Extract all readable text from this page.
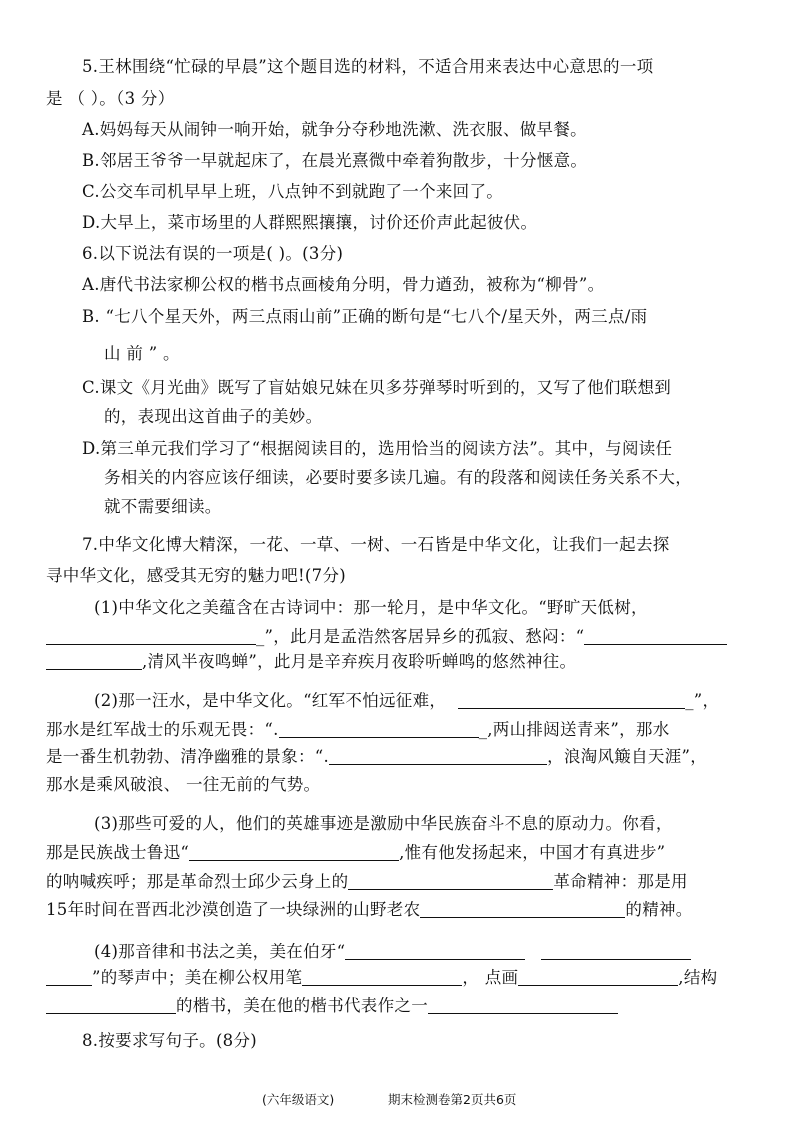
5.王林围绕“忙碌的早晨”这个题目选的材料，不适合用来表达中心意思的一项
是 （ ）。（3 分）
A.妈妈每天从闹钟一响开始，就争分夺秒地洗漱、洗衣服、做早餐。
B.邻居王爷爷一早就起床了，在晨光熹微中牵着狗散步，十分惬意。
C.公交车司机早早上班，八点钟不到就跑了一个来回了。
D.大早上，菜市场里的人群熙熙攘攘，讨价还价声此起彼伏。
6.以下说法有误的一项是( )。(3分)
A.唐代书法家柳公权的楷书点画棱角分明，骨力遒劲，被称为“柳骨”。
B. “七八个星天外，两三点雨山前”正确的断句是“七八个/星天外，两三点/雨
山 前 ” 。
C.课文《月光曲》既写了盲姑娘兄妹在贝多芬弹琴时听到的，又写了他们联想到
的，表现出这首曲子的美妙。
D.第三单元我们学习了“根据阅读目的，选用恰当的阅读方法”。其中，与阅读任
务相关的内容应该仔细读，必要时要多读几遍。有的段落和阅读任务关系不大，
就不需要细读。
7.中华文化博大精深，一花、一草、一树、一石皆是中华文化，让我们一起去探
寻中华文化，感受其无穷的魅力吧!(7分)
(1)中华文化之美蕴含在古诗词中：那一轮月，是中华文化。“野旷天低树，
_”，此月是孟浩然客居异乡的孤寂、愁闷：“
,清风半夜鸣蝉”，此月是辛弃疾月夜聆听蝉鸣的悠然神往。
(2)那一汪水，是中华文化。“红军不怕远征难，	_”，
那水是红军战士的乐观无畏：“.	_,两山排闼送青来”，那水
是一番生机勃勃、清净幽雅的景象：“.	，浪淘风簸自天涯”，
那水是乘风破浪、 一往无前的气势。
(3)那些可爱的人，他们的英雄事迹是激励中华民族奋斗不息的原动力。你看，
那是民族战士鲁迅“	,惟有他发扬起来，中国才有真进步”
的呐喊疾呼；那是革命烈士邱少云身上的	革命精神：那是用
15年时间在晋西北沙漠创造了一块绿洲的山野老农	的精神。
(4)那音律和书法之美，美在伯牙“
”的琴声中；美在柳公权用笔	， 点画	,结构
的楷书，美在他的楷书代表作之一
8.按要求写句子。(8分)
(六年级语文)	期末检测卷第2页共6页
